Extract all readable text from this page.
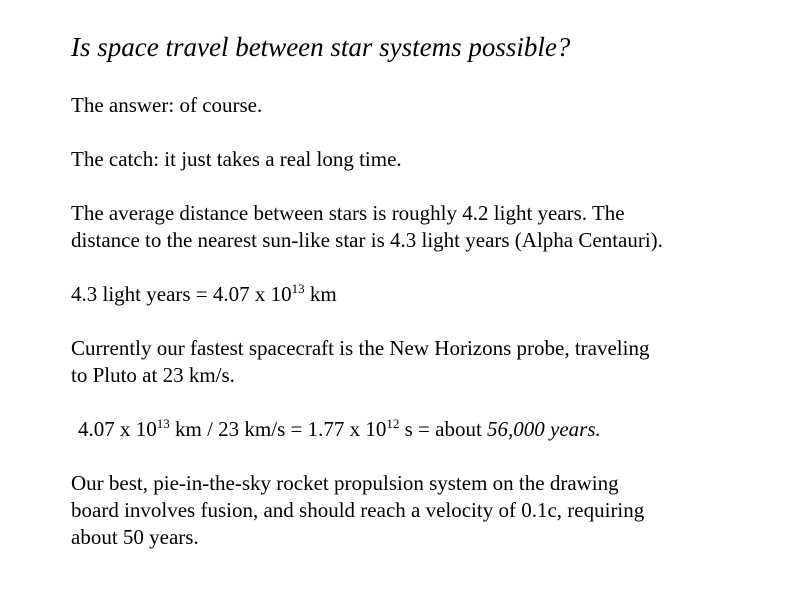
Is space travel between star systems possible?

The answer: of course.

The catch: it just takes a real long time.

The average distance between stars is roughly 4.2 light years. The
distance to the nearest sun-like star is 4.3 light years (Alpha Centauri).

4.3 light years = 4.07 x $10^{13}$ km

Currently our fastest spacecraft is the New Horizons probe, traveling
to Pluto at 23 km/s.

4.07 x $10^{13}$ km / 23 km/s = 1.77 x $10^{12}$ s = about 56,000 years.

Our best, pie-in-the-sky rocket propulsion system on the drawing
board involves fusion, and should reach a velocity of 0.1c, requiring
about 50 years.
